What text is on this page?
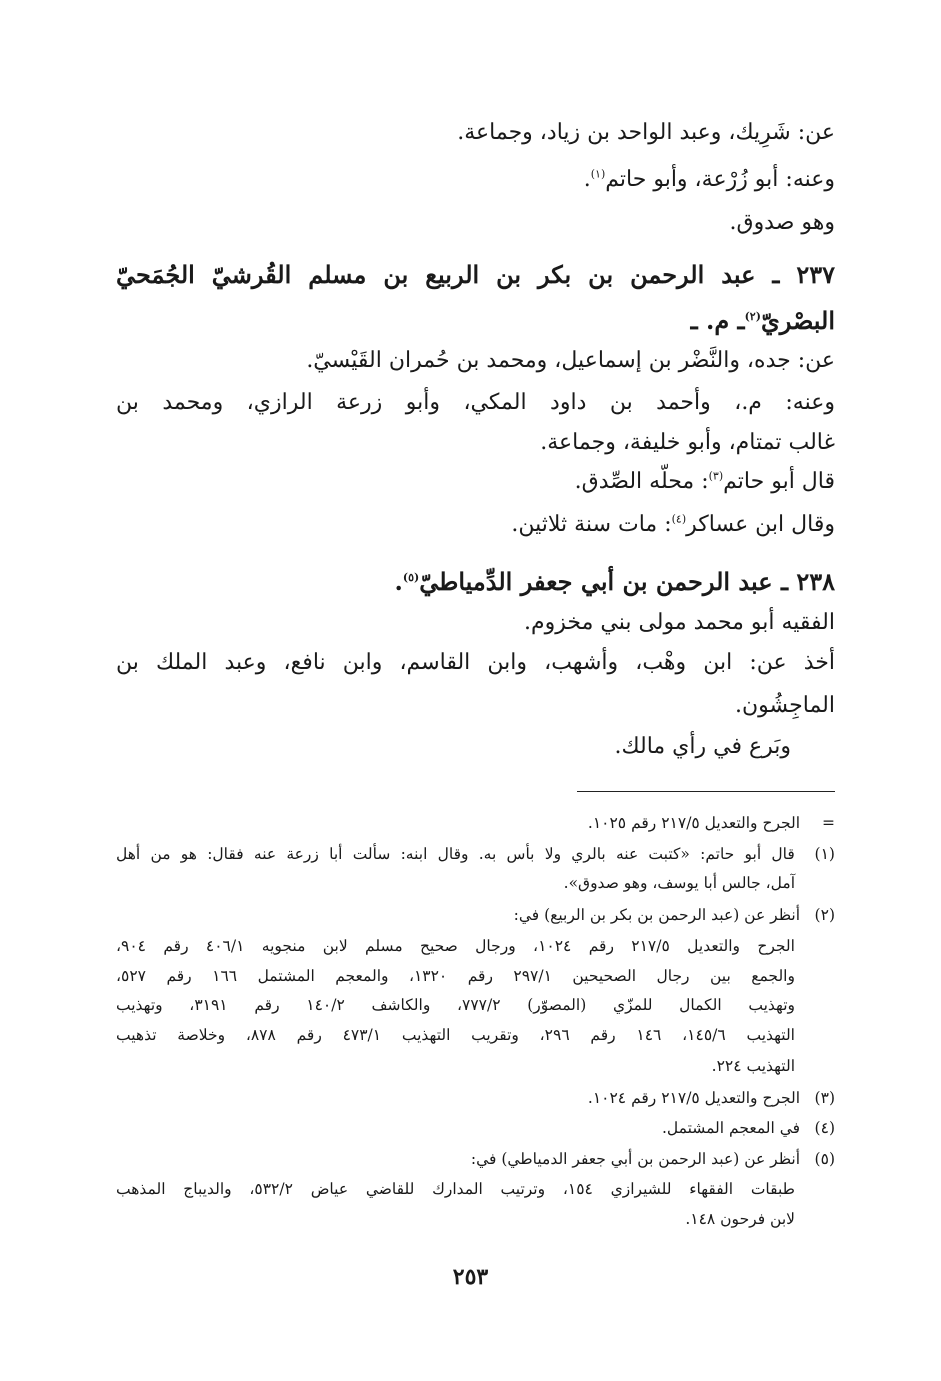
عن: شَرِيك، وعبد الواحد بن زياد، وجماعة.
وعنه: أبو زُرْعة، وأبو حاتم$^{(١)}$.
وهو صدوق.
٢٣٧ ـ عبد الرحمن بن بكر بن الربيع بن مسلم القُرشيّ الجُمَحيّ
البصْريّ$^{(٢)}$ـ م. ـ
عن: جده، والنَّضْر بن إسماعيل، ومحمد بن حُمران القَيْسيّ.
وعنه: م.، وأحمد بن داود المكي، وأبو زرعة الرازي، ومحمد بن
غالب تمتام، وأبو خليفة، وجماعة.
قال أبو حاتم$^{(٣)}$: محلّه الصِّدق.
وقال ابن عساكر$^{(٤)}$: مات سنة ثلاثين.
٢٣٨ ـ عبد الرحمن بن أبي جعفر الدِّمياطيّ$^{(٥)}$.
الفقيه أبو محمد مولى بني مخزوم.
أخذ عن: ابن وهْب، وأشهب، وابن القاسم، وابن نافع، وعبد الملك بن
الماجِشُون.
وبَرع في رأي مالك.
= الجرح والتعديل ٢١٧/٥ رقم ١٠٢٥.
(١) قال أبو حاتم: «كتبت عنه بالري ولا بأس به. وقال ابنه: سألت أبا زرعة عنه فقال: هو من أهل
آمل، جالس أبا يوسف، وهو صدوق».
(٢) أنظر عن (عبد الرحمن بن بكر بن الربيع) في:
الجرح والتعديل ٢١٧/٥ رقم ١٠٢٤، ورجال صحيح مسلم لابن منجويه ٤٠٦/١ رقم ٩٠٤،
والجمع بين رجال الصحيحين ٢٩٧/١ رقم ١٣٢٠، والمعجم المشتمل ١٦٦ رقم ٥٢٧،
وتهذيب الكمال للمزّي (المصوّر) ٧٧٧/٢، والكاشف ١٤٠/٢ رقم ٣١٩١، وتهذيب
التهذيب ١٤٥/٦، ١٤٦ رقم ٢٩٦، وتقريب التهذيب ٤٧٣/١ رقم ٨٧٨، وخلاصة تذهيب
التهذيب ٢٢٤.
(٣) الجرح والتعديل ٢١٧/٥ رقم ١٠٢٤.
(٤) في المعجم المشتمل.
(٥) أنظر عن (عبد الرحمن بن أبي جعفر الدمياطي) في:
طبقات الفقهاء للشيرازي ١٥٤، وترتيب المدارك للقاضي عياض ٥٣٢/٢، والديباج المذهب
لابن فرحون ١٤٨.
٢٥٣
